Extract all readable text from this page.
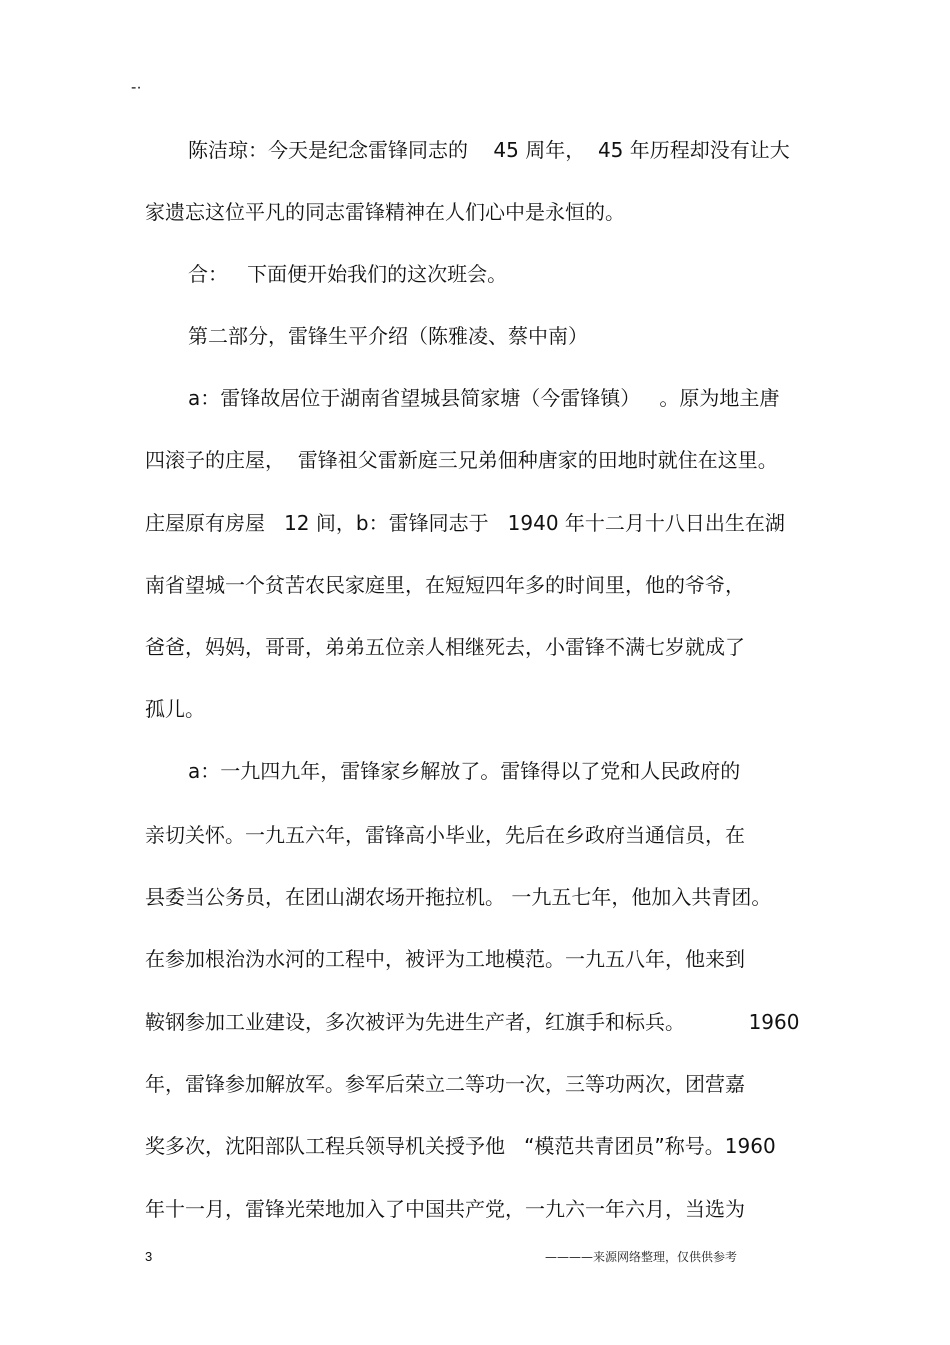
-·
陈洁琼：今天是纪念雷锋同志的    45 周年，  45 年历程却没有让大
家遗忘这位平凡的同志雷锋精神在人们心中是永恒的。
合：   下面便开始我们的这次班会。
第二部分，雷锋生平介绍（陈雅凌、蔡中南）
a：雷锋故居位于湖南省望城县简家塘（今雷锋镇）   。原为地主唐
四滚子的庄屋，  雷锋祖父雷新庭三兄弟佃种唐家的田地时就住在这里。
庄屋原有房屋   12 间，b：雷锋同志于   1940 年十二月十八日出生在湖
南省望城一个贫苦农民家庭里，在短短四年多的时间里，他的爷爷，
爸爸，妈妈，哥哥，弟弟五位亲人相继死去，小雷锋不满七岁就成了
孤儿。
a：一九四九年，雷锋家乡解放了。雷锋得以了党和人民政府的
亲切关怀。一九五六年，雷锋高小毕业，先后在乡政府当通信员，在
县委当公务员，在团山湖农场开拖拉机。 一九五七年，他加入共青团。
在参加根治沩水河的工程中，被评为工地模范。一九五八年，他来到
鞍钢参加工业建设，多次被评为先进生产者，红旗手和标兵。          1960
年，雷锋参加解放军。参军后荣立二等功一次，三等功两次，团营嘉
奖多次，沈阳部队工程兵领导机关授予他   “模范共青团员”称号。1960
年十一月，雷锋光荣地加入了中国共产党，一九六一年六月，当选为
3	————来源网络整理，仅供供参考
